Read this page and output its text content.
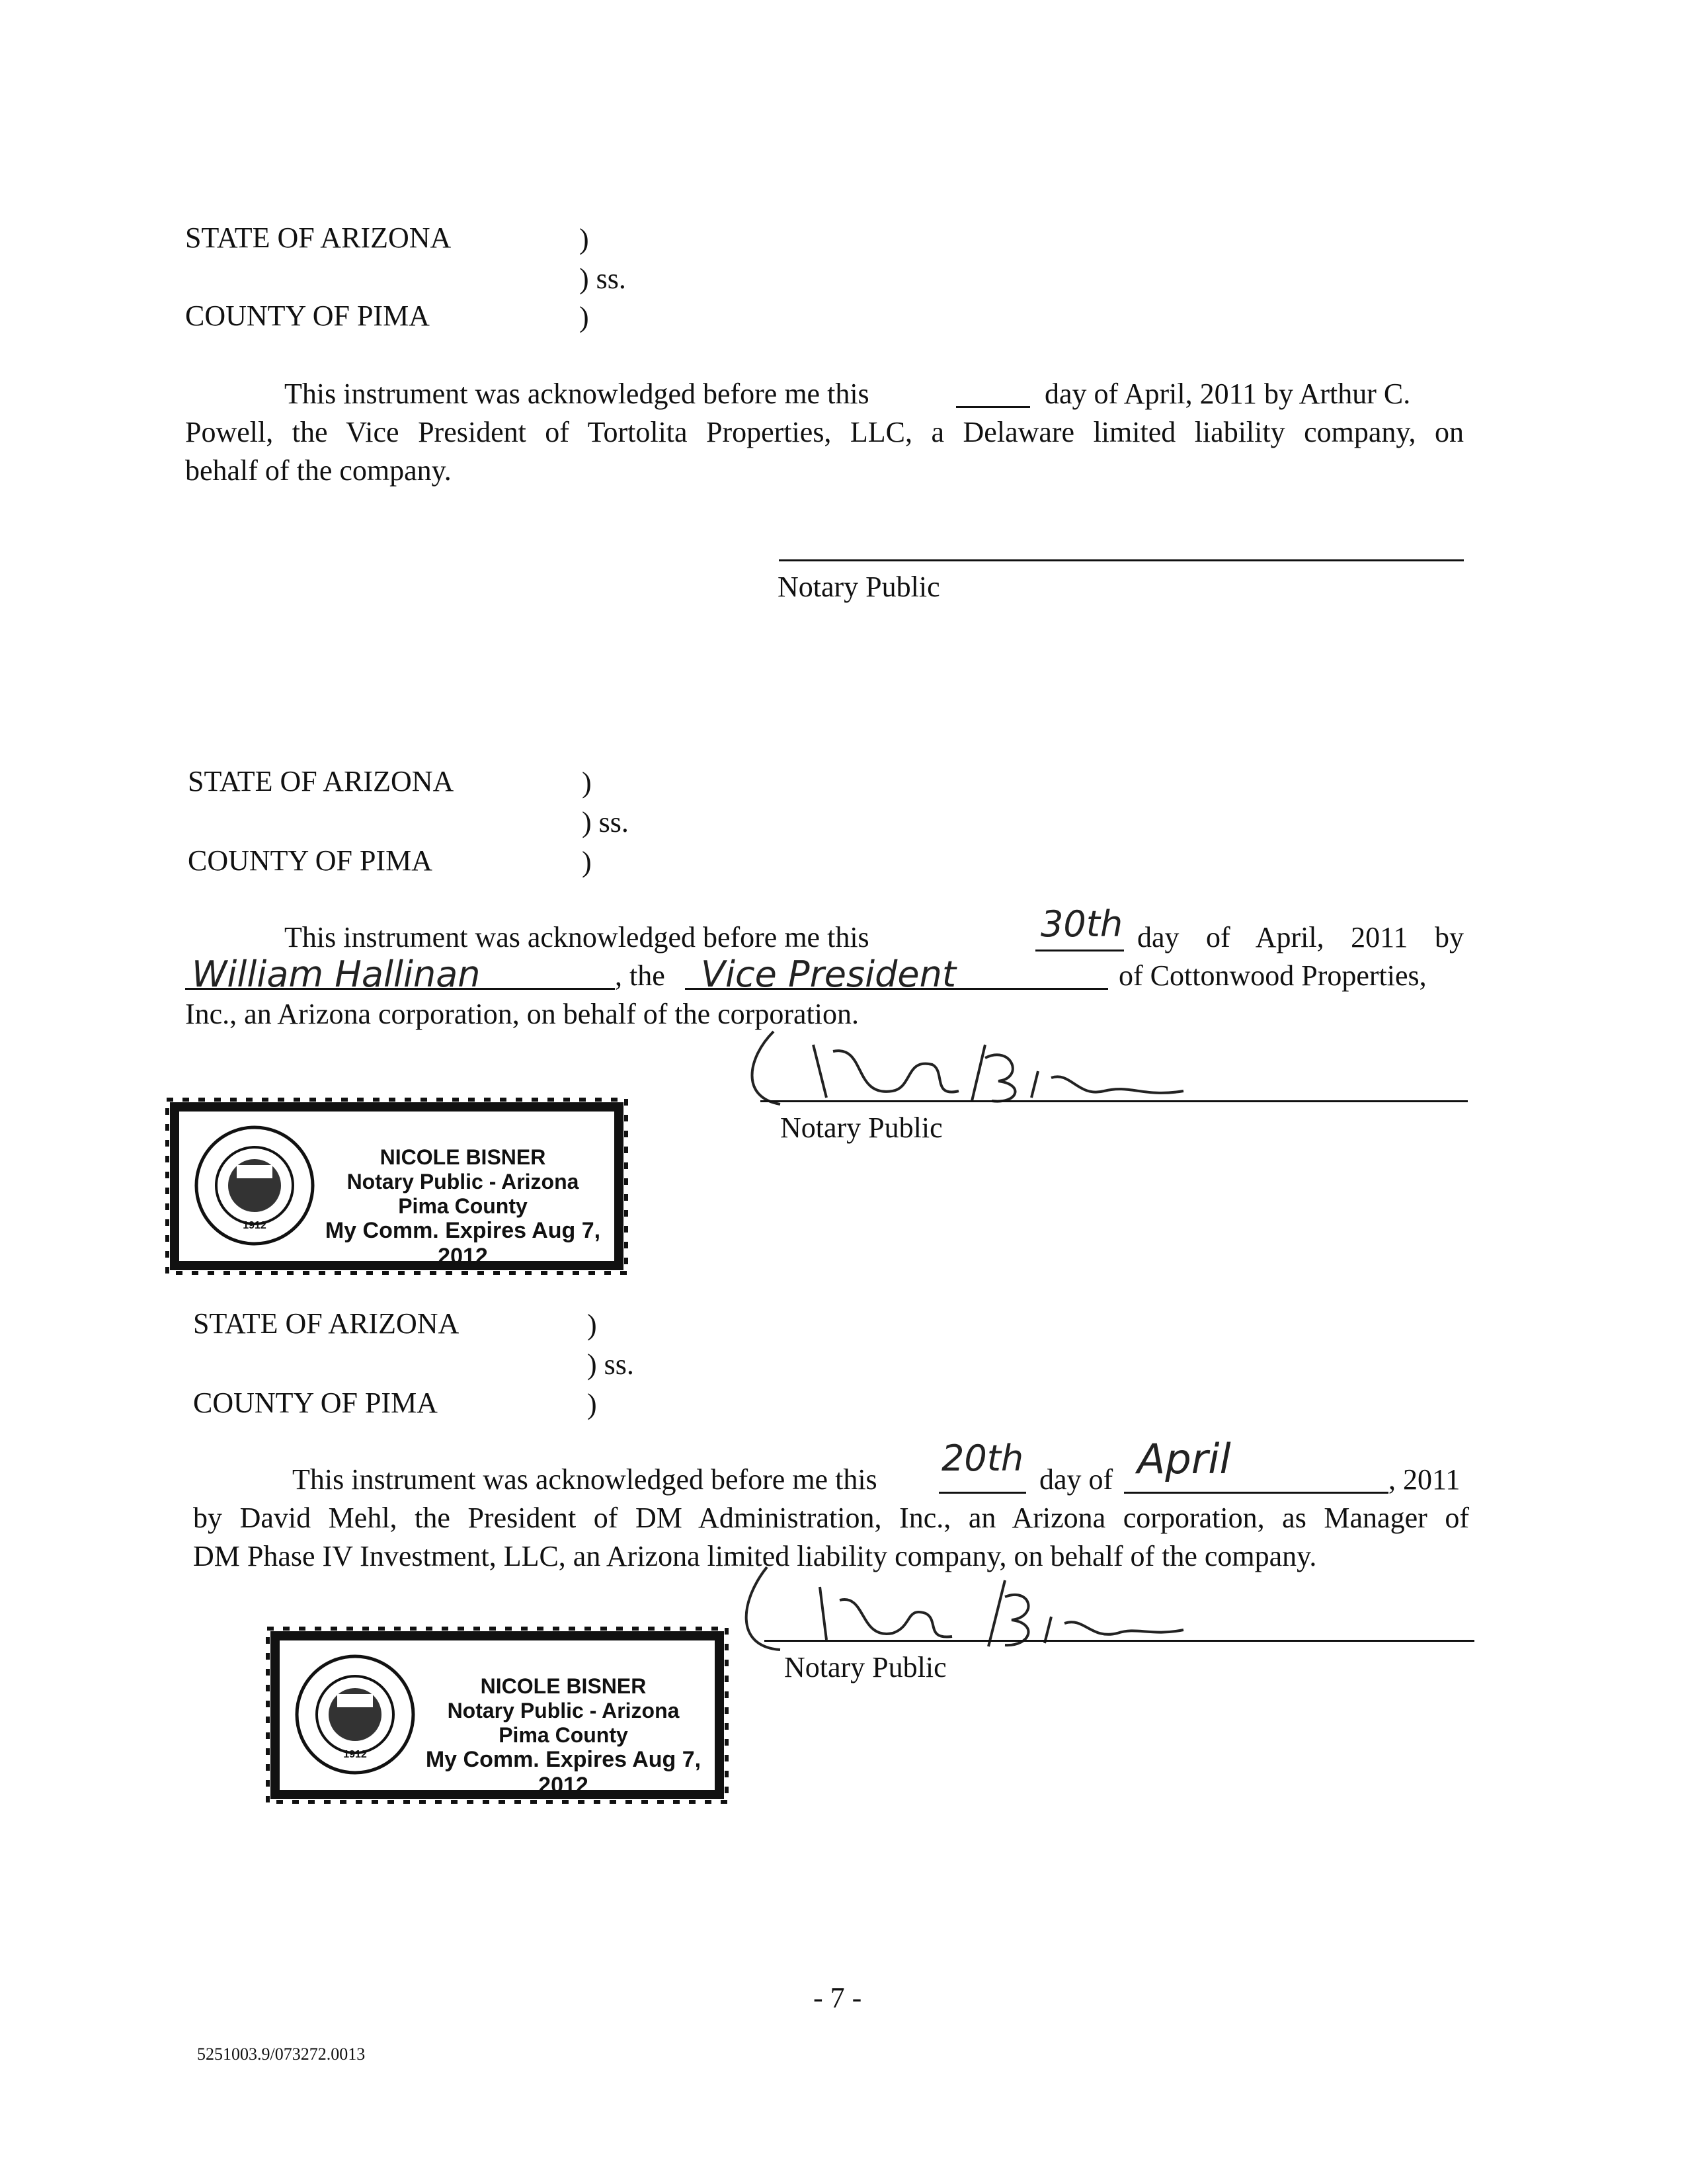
STATE OF ARIZONA	)
) ss.
COUNTY OF PIMA	)
This instrument was acknowledged before me this	day of April, 2011 by Arthur C.
Powell, the Vice President of Tortolita Properties, LLC, a Delaware limited liability company, on
behalf of the company.
Notary Public
STATE OF ARIZONA	)
) ss.
COUNTY OF PIMA	)
This instrument was acknowledged before me this	30th day of April, 2011 by
William Hallinan	, the Vice President	of Cottonwood Properties,
Inc., an Arizona corporation, on behalf of the corporation.
Notary Public
1912
NICOLE BISNER
Notary Public - Arizona
Pima County
My Comm. Expires Aug 7, 2012
STATE OF ARIZONA	)
) ss.
COUNTY OF PIMA	)
This instrument was acknowledged before me this
20th
day of April	, 2011
by David Mehl, the President of DM Administration, Inc., an Arizona corporation, as Manager of
DM Phase IV Investment, LLC, an Arizona limited liability company, on behalf of the company.
Notary Public
1912
NICOLE BISNER
Notary Public - Arizona
Pima County
My Comm. Expires Aug 7, 2012
- 7 -
5251003.9/073272.0013
